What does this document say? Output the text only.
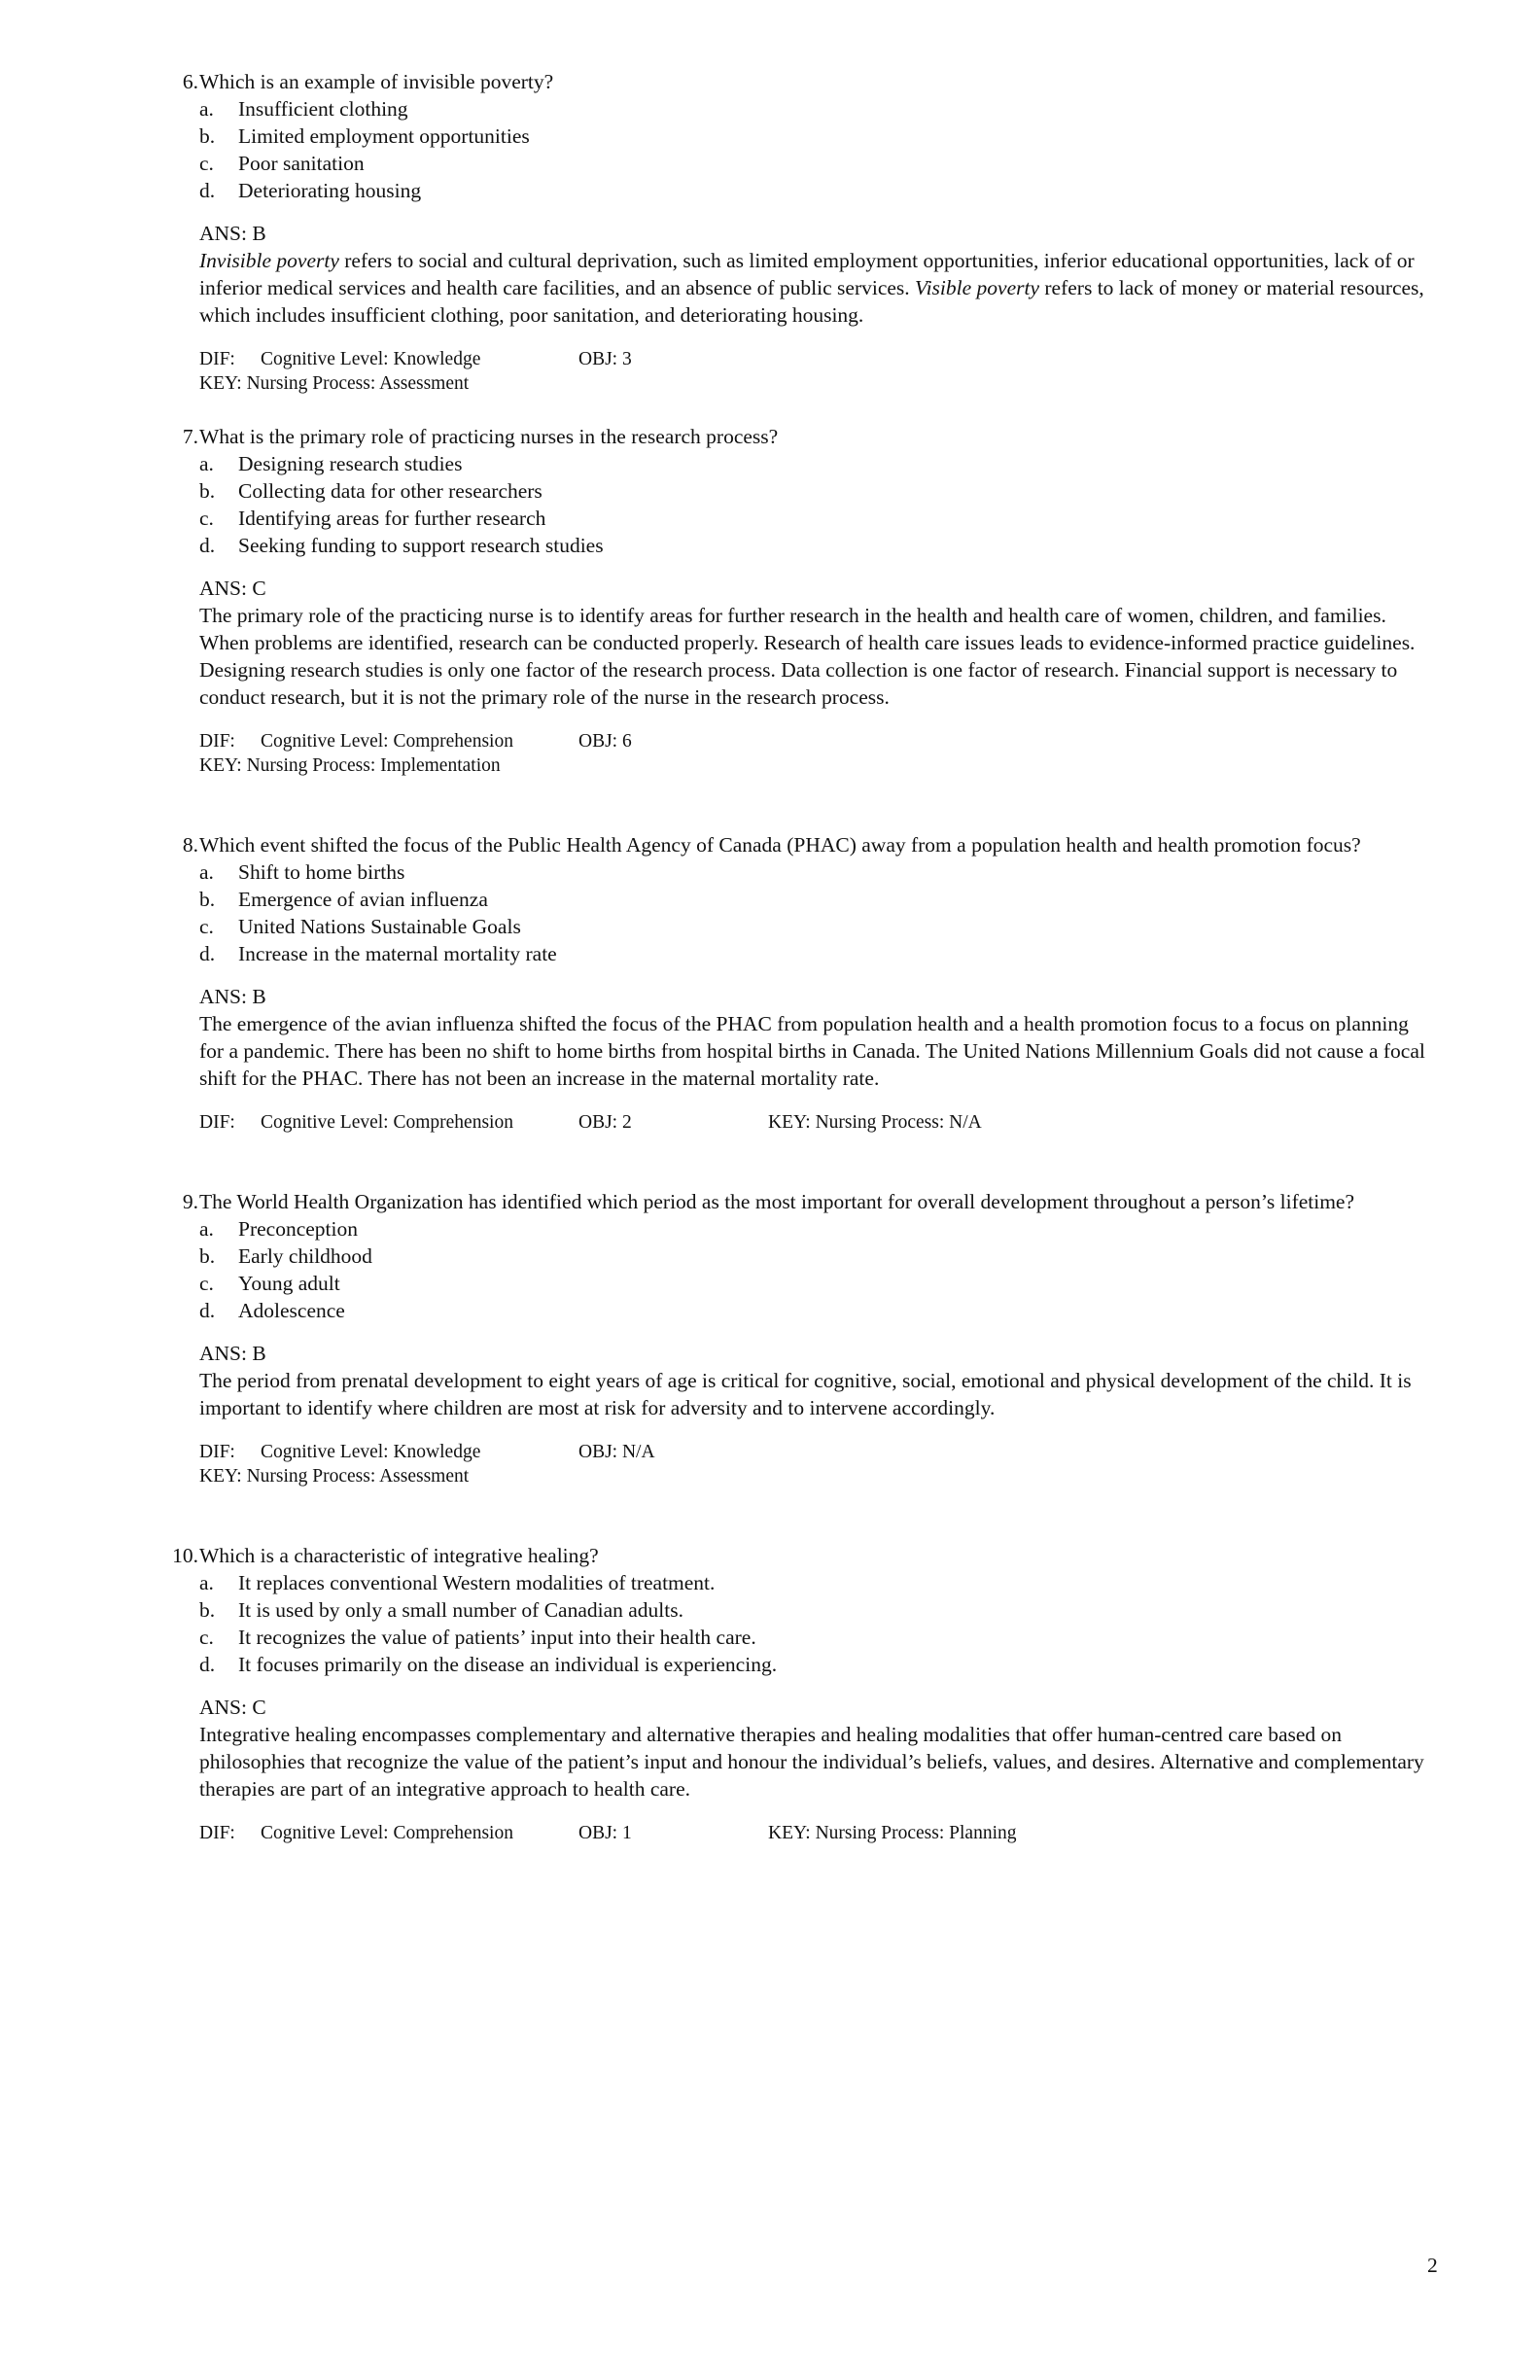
6. Which is an example of invisible poverty?
a.	Insufficient clothing
b.	Limited employment opportunities
c.	Poor sanitation
d.	Deteriorating housing
ANS: B
Invisible poverty refers to social and cultural deprivation, such as limited employment opportunities, inferior educational opportunities, lack of or inferior medical services and health care facilities, and an absence of public services. Visible poverty refers to lack of money or material resources, which includes insufficient clothing, poor sanitation, and deteriorating housing.
DIF: Cognitive Level: Knowledge	OBJ: 3
KEY: Nursing Process: Assessment
7. What is the primary role of practicing nurses in the research process?
a.	Designing research studies
b.	Collecting data for other researchers
c.	Identifying areas for further research
d.	Seeking funding to support research studies
ANS: C
The primary role of the practicing nurse is to identify areas for further research in the health and health care of women, children, and families. When problems are identified, research can be conducted properly. Research of health care issues leads to evidence-informed practice guidelines. Designing research studies is only one factor of the research process. Data collection is one factor of research. Financial support is necessary to conduct research, but it is not the primary role of the nurse in the research process.
DIF: Cognitive Level: Comprehension	OBJ: 6
KEY: Nursing Process: Implementation
8. Which event shifted the focus of the Public Health Agency of Canada (PHAC) away from a population health and health promotion focus?
a.	Shift to home births
b.	Emergence of avian influenza
c.	United Nations Sustainable Goals
d.	Increase in the maternal mortality rate
ANS: B
The emergence of the avian influenza shifted the focus of the PHAC from population health and a health promotion focus to a focus on planning for a pandemic. There has been no shift to home births from hospital births in Canada. The United Nations Millennium Goals did not cause a focal shift for the PHAC. There has not been an increase in the maternal mortality rate.
DIF: Cognitive Level: Comprehension	OBJ: 2	KEY: Nursing Process: N/A
9. The World Health Organization has identified which period as the most important for overall development throughout a person’s lifetime?
a.	Preconception
b.	Early childhood
c.	Young adult
d.	Adolescence
ANS: B
The period from prenatal development to eight years of age is critical for cognitive, social, emotional and physical development of the child. It is important to identify where children are most at risk for adversity and to intervene accordingly.
DIF: Cognitive Level: Knowledge	OBJ: N/A
KEY: Nursing Process: Assessment
10. Which is a characteristic of integrative healing?
a.	It replaces conventional Western modalities of treatment.
b.	It is used by only a small number of Canadian adults.
c.	It recognizes the value of patients’ input into their health care.
d.	It focuses primarily on the disease an individual is experiencing.
ANS: C
Integrative healing encompasses complementary and alternative therapies and healing modalities that offer human-centred care based on philosophies that recognize the value of the patient’s input and honour the individual’s beliefs, values, and desires. Alternative and complementary therapies are part of an integrative approach to health care.
DIF: Cognitive Level: Comprehension	OBJ: 1	KEY: Nursing Process: Planning
2
